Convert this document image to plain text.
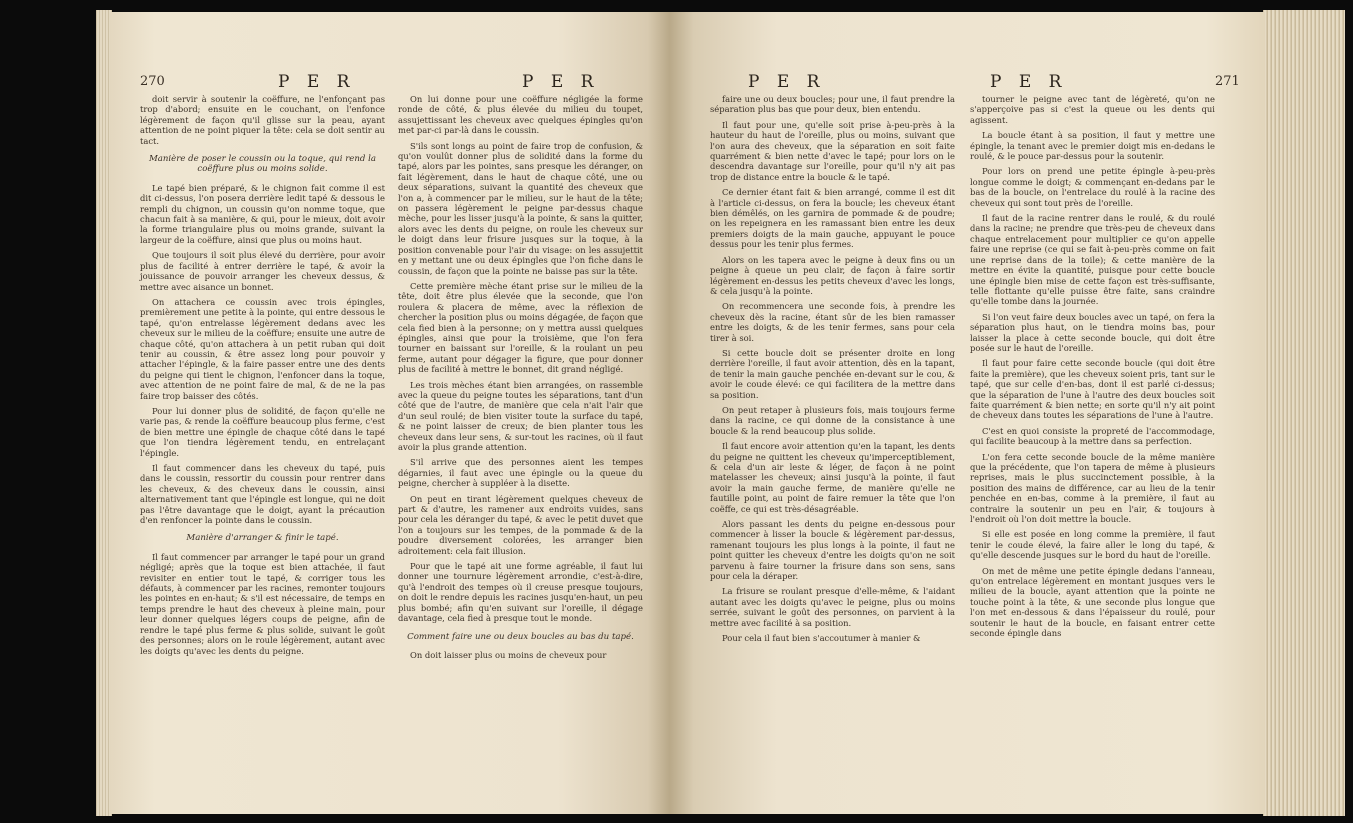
270	P E R	P E R

doit servir à soutenir la coëffure, ne l'enfonçant pas trop d'abord; ensuite en le couchant, on l'enfonce légèrement de façon qu'il glisse sur la peau, ayant attention de ne point piquer la tête: cela se doit sentir au tact.

Manière de poser le coussin ou la toque, qui rend la coëffure plus ou moins solide.

Le tapé bien préparé, & le chignon fait comme il est dit ci-dessus, l'on posera derrière ledit tapé & dessous le rempli du chignon, un coussin qu'on nomme toque, que chacun fait à sa manière, & qui, pour le mieux, doit avoir la forme triangulaire plus ou moins grande, suivant la largeur de la coëffure, ainsi que plus ou moins haut.

Que toujours il soit plus élevé du derrière, pour avoir plus de facilité à entrer derrière le tapé, & avoir la jouissance de pouvoir arranger les cheveux dessus, & mettre avec aisance un bonnet.

On attachera ce coussin avec trois épingles, premièrement une petite à la pointe, qui entre dessous le tapé, qu'on entrelasse légèrement dedans avec les cheveux sur le milieu de la coëffure; ensuite une autre de chaque côté, qu'on attachera à un petit ruban qui doit tenir au coussin, & être assez long pour pouvoir y attacher l'épingle, & la faire passer entre une des dents du peigne qui tient le chignon, l'enfoncer dans la toque, avec attention de ne point faire de mal, & de ne la pas faire trop baisser des côtés.

Pour lui donner plus de solidité, de façon qu'elle ne varie pas, & rende la coëffure beaucoup plus ferme, c'est de bien mettre une épingle de chaque côté dans le tapé que l'on tiendra légèrement tendu, en entrelaçant l'épingle.

Il faut commencer dans les cheveux du tapé, puis dans le coussin, ressortir du coussin pour rentrer dans les cheveux, & des cheveux dans le coussin, ainsi alternativement tant que l'épingle est longue, qui ne doit pas l'être davantage que le doigt, ayant la précaution d'en renfoncer la pointe dans le coussin.

Manière d'arranger & finir le tapé.

Il faut commencer par arranger le tapé pour un grand négligé; après que la toque est bien attachée, il faut revisiter en entier tout le tapé, & corriger tous les défauts, à commencer par les racines, remonter toujours les pointes en en-haut; & s'il est nécessaire, de temps en temps prendre le haut des cheveux à pleine main, pour leur donner quelques légers coups de peigne, afin de rendre le tapé plus ferme & plus solide, suivant le goût des personnes; alors on le roule légèrement, autant avec les doigts qu'avec les dents du peigne.

On lui donne pour une coëffure négligée la forme ronde de côté, & plus élevée du milieu du toupet, assujettissant les cheveux avec quelques épingles qu'on met par-ci par-là dans le coussin.

S'ils sont longs au point de faire trop de confusion, & qu'on voulût donner plus de solidité dans la forme du tapé, alors par les pointes, sans presque les déranger, on fait légèrement, dans le haut de chaque côté, une ou deux séparations, suivant la quantité des cheveux que l'on a, à commencer par le milieu, sur le haut de la tête; on passera légèrement le peigne par-dessus chaque mèche, pour les lisser jusqu'à la pointe, & sans la quitter, alors avec les dents du peigne, on roule les cheveux sur le doigt dans leur frisure jusques sur la toque, à la position convenable pour l'air du visage: on les assujettit en y mettant une ou deux épingles que l'on fiche dans le coussin, de façon que la pointe ne baisse pas sur la tête.

Cette première mèche étant prise sur le milieu de la tête, doit être plus élevée que la seconde, que l'on roulera & placera de même, avec la réflexion de chercher la position plus ou moins dégagée, de façon que cela fied bien à la personne; on y mettra aussi quelques épingles, ainsi que pour la troisième, que l'on fera tourner en baissant sur l'oreille, & la roulant un peu ferme, autant pour dégager la figure, que pour donner plus de facilité à mettre le bonnet, dit grand négligé.

Les trois mèches étant bien arrangées, on rassemble avec la queue du peigne toutes les séparations, tant d'un côté que de l'autre, de manière que cela n'ait l'air que d'un seul roulé; de bien visiter toute la surface du tapé, & ne point laisser de creux; de bien planter tous les cheveux dans leur sens, & sur-tout les racines, où il faut avoir la plus grande attention.

S'il arrive que des personnes aient les tempes dégarnies, il faut avec une épingle ou la queue du peigne, chercher à suppléer à la disette.

On peut en tirant légèrement quelques cheveux de part & d'autre, les ramener aux endroits vuides, sans pour cela les déranger du tapé, & avec le petit duvet que l'on a toujours sur les tempes, de la pommade & de la poudre diversement colorées, les arranger bien adroitement: cela fait illusion.

Pour que le tapé ait une forme agréable, il faut lui donner une tournure légèrement arrondie, c'est-à-dire, qu'à l'endroit des tempes où il creuse presque toujours, on doit le rendre depuis les racines jusqu'en-haut, un peu plus bombé; afin qu'en suivant sur l'oreille, il dégage davantage, cela fied à presque tout le monde.

Comment faire une ou deux boucles au bas du tapé.

On doit laisser plus ou moins de cheveux pour

P E R	P E R	271

faire une ou deux boucles; pour une, il faut prendre la séparation plus bas que pour deux, bien entendu.

Il faut pour une, qu'elle soit prise à-peu-près à la hauteur du haut de l'oreille, plus ou moins, suivant que l'on aura des cheveux, que la séparation en soit faite quarrément & bien nette d'avec le tapé; pour lors on le descendra davantage sur l'oreille, pour qu'il n'y ait pas trop de distance entre la boucle & le tapé.

Ce dernier étant fait & bien arrangé, comme il est dit à l'article ci-dessus, on fera la boucle; les cheveux étant bien démêlés, on les garnira de pommade & de poudre; on les repeignera en les ramassant bien entre les deux premiers doigts de la main gauche, appuyant le pouce dessus pour les tenir plus fermes.

Alors on les tapera avec le peigne à deux fins ou un peigne à queue un peu clair, de façon à faire sortir légèrement en-dessus les petits cheveux d'avec les longs, & cela jusqu'à la pointe.

On recommencera une seconde fois, à prendre les cheveux dès la racine, étant sûr de les bien ramasser entre les doigts, & de les tenir fermes, sans pour cela tirer à soi.

Si cette boucle doit se présenter droite en long derrière l'oreille, il faut avoir attention, dès en la tapant, de tenir la main gauche penchée en-devant sur le cou, & avoir le coude élevé: ce qui facilitera de la mettre dans sa position.

On peut retaper à plusieurs fois, mais toujours ferme dans la racine, ce qui donne de la consistance à une boucle & la rend beaucoup plus solide.

Il faut encore avoir attention qu'en la tapant, les dents du peigne ne quittent les cheveux qu'imperceptiblement, & cela d'un air leste & léger, de façon à ne point matelasser les cheveux; ainsi jusqu'à la pointe, il faut avoir la main gauche ferme, de manière qu'elle ne fautille point, au point de faire remuer la tête que l'on coëffe, ce qui est très-désagréable.

Alors passant les dents du peigne en-dessous pour commencer à lisser la boucle & légèrement par-dessus, ramenant toujours les plus longs à la pointe, il faut ne point quitter les cheveux d'entre les doigts qu'on ne soit parvenu à faire tourner la frisure dans son sens, sans pour cela la déraper.

La frisure se roulant presque d'elle-même, & l'aidant autant avec les doigts qu'avec le peigne, plus ou moins serrée, suivant le goût des personnes, on parvient à la mettre avec facilité à sa position.

Pour cela il faut bien s'accoutumer à manier &

tourner le peigne avec tant de légèreté, qu'on ne s'apperçoive pas si c'est la queue ou les dents qui agissent.

La boucle étant à sa position, il faut y mettre une épingle, la tenant avec le premier doigt mis en-dedans le roulé, & le pouce par-dessus pour la soutenir.

Pour lors on prend une petite épingle à-peu-près longue comme le doigt; & commençant en-dedans par le bas de la boucle, on l'entrelace du roulé à la racine des cheveux qui sont tout près de l'oreille.

Il faut de la racine rentrer dans le roulé, & du roulé dans la racine; ne prendre que très-peu de cheveux dans chaque entrelacement pour multiplier ce qu'on appelle faire une reprise (ce qui se fait à-peu-près comme on fait une reprise dans de la toile); & cette manière de la mettre en évite la quantité, puisque pour cette boucle une épingle bien mise de cette façon est très-suffisante, telle flottante qu'elle puisse être faite, sans craindre qu'elle tombe dans la journée.

Si l'on veut faire deux boucles avec un tapé, on fera la séparation plus haut, on le tiendra moins bas, pour laisser la place à cette seconde boucle, qui doit être posée sur le haut de l'oreille.

Il faut pour faire cette seconde boucle (qui doit être faite la première), que les cheveux soient pris, tant sur le tapé, que sur celle d'en-bas, dont il est parlé ci-dessus; que la séparation de l'une à l'autre des deux boucles soit faite quarrément & bien nette; en sorte qu'il n'y ait point de cheveux dans toutes les séparations de l'une à l'autre.

C'est en quoi consiste la propreté de l'accommodage, qui facilite beaucoup à la mettre dans sa perfection.

L'on fera cette seconde boucle de la même manière que la précédente, que l'on tapera de même à plusieurs reprises, mais le plus succinctement possible, à la position des mains de différence, car au lieu de la tenir penchée en en-bas, comme à la première, il faut au contraire la soutenir un peu en l'air, & toujours à l'endroit où l'on doit mettre la boucle.

Si elle est posée en long comme la première, il faut tenir le coude élevé, la faire aller le long du tapé, & qu'elle descende jusques sur le bord du haut de l'oreille.

On met de même une petite épingle dedans l'anneau, qu'on entrelace légèrement en montant jusques vers le milieu de la boucle, ayant attention que la pointe ne touche point à la tête, & une seconde plus longue que l'on met en-dessous & dans l'épaisseur du roulé, pour soutenir le haut de la boucle, en faisant entrer cette seconde épingle dans
